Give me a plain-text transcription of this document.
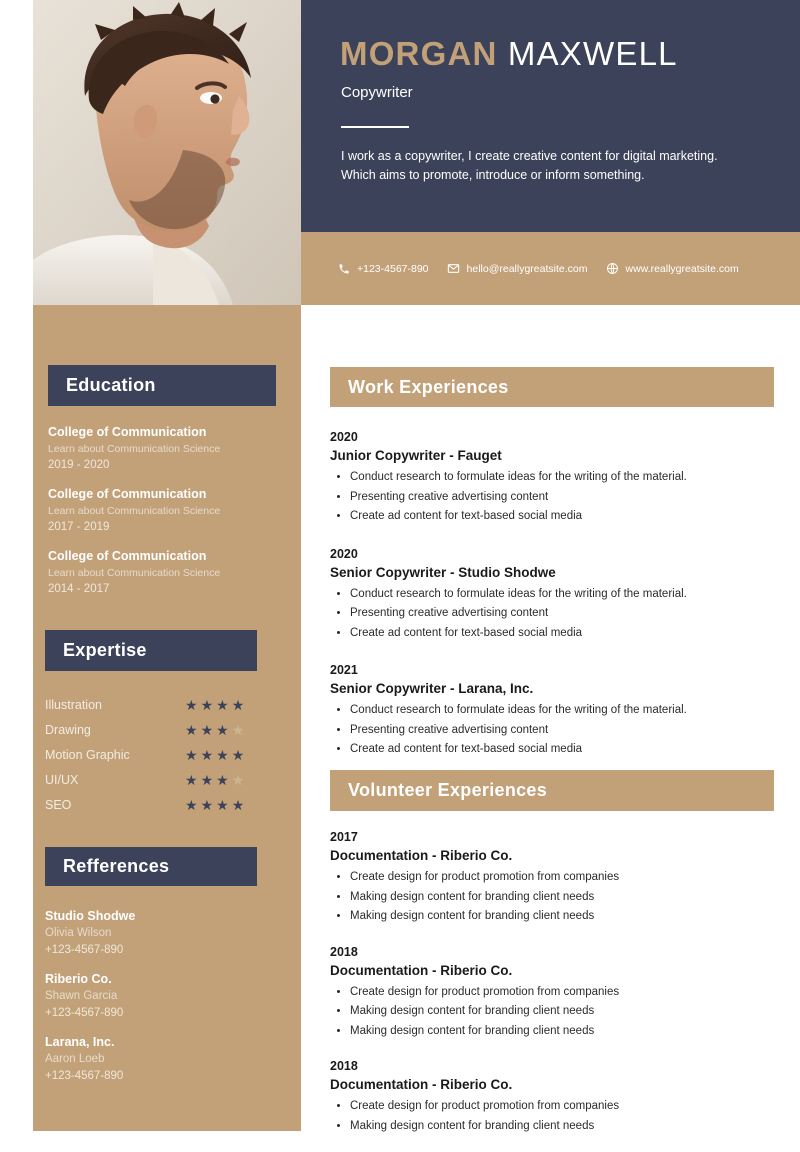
MORGAN MAXWELL
Copywriter
I work as a copywriter, I create creative content for digital marketing. Which aims to promote, introduce or inform something.
+123-4567-890	hello@reallygreatsite.com	www.reallygreatsite.com
Education
College of Communication
Learn about Communication Science
2019 - 2020
College of Communication
Learn about Communication Science
2017 - 2019
College of Communication
Learn about Communication Science
2014 - 2017
Expertise
Illustration	★ ★ ★ ★
Drawing	★ ★ ★ ★
Motion Graphic	★ ★ ★ ★
UI/UX	★ ★ ★ ★
SEO	★ ★ ★ ★
Refferences
Studio Shodwe
Olivia Wilson
+123-4567-890
Riberio Co.
Shawn Garcia
+123-4567-890
Larana, Inc.
Aaron Loeb
+123-4567-890
Work Experiences
2020
Junior Copywriter - Fauget
• Conduct research to formulate ideas for the writing of the material.
• Presenting creative advertising content
• Create ad content for text-based social media
2020
Senior Copywriter - Studio Shodwe
• Conduct research to formulate ideas for the writing of the material.
• Presenting creative advertising content
• Create ad content for text-based social media
2021
Senior Copywriter - Larana, Inc.
• Conduct research to formulate ideas for the writing of the material.
• Presenting creative advertising content
• Create ad content for text-based social media
Volunteer Experiences
2017
Documentation - Riberio Co.
• Create design for product promotion from companies
• Making design content for branding client needs
• Making design content for branding client needs
2018
Documentation - Riberio Co.
• Create design for product promotion from companies
• Making design content for branding client needs
• Making design content for branding client needs
2018
Documentation - Riberio Co.
• Create design for product promotion from companies
• Making design content for branding client needs
